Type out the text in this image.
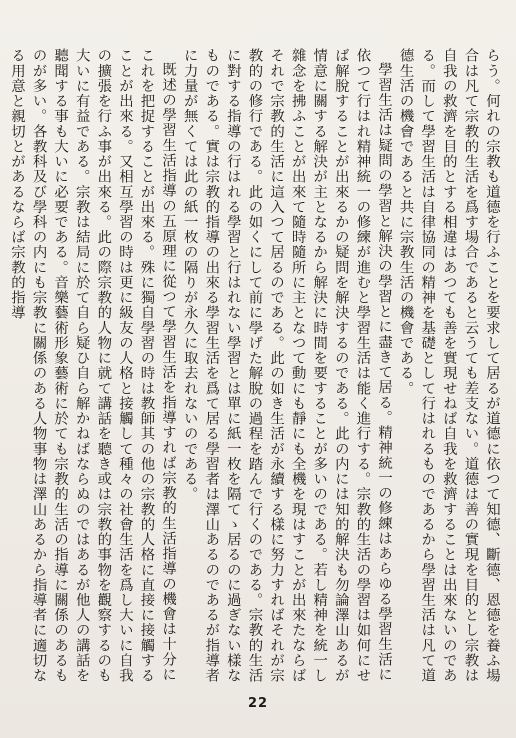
らう。何れの宗教も道德を行ふことを要求して居るが道德に依つて知德、斷德、恩德を養ふ場合は凡て宗教的生活を爲す場合であると云うても差支ない。道德は善の實現を目的とし宗教は自我の救濟を目的とする相違はあつても善を實現せねば自我を救濟することは出來ないのである。而して學習生活は自律協同の精神を基礎として行はれるものであるから學習生活は凡て道德生活の機會であると共に宗教生活の機會である。

學習生活は疑問の學習と解決の學習とに盡きて居る。精神統一の修練はあらゆる學習生活に依つて行はれ精神統一の修練が進むと學習生活は能く進行する。宗教的生活の學習は如何にせば解脫することが出來るかの疑問を解決するのである。此の内には知的解決も勿論澤山あるが情意に關する解決が主となるから解決に時間を要することが多いのである。若し精神を統一し雜念を拂ふことが出來て隨時隨所に主となつて動にも靜にも全機を現はすことが出來たならばそれで宗教的生活に這入つて居るのである。此の如き生活が永續する樣に努力すればそれが宗教的の修行である。此の如くにして前に學げた解脫の過程を踏んで行くのである。宗教的生活に對する指導の行はれる學習と行はれない學習とは單に紙一枚を隔てゝ居るのに過ぎない樣なものである。實は宗教的指導の出來る學習生活を爲て居る學習者は澤山あるのであるが指導者に力量が無くては此の紙一枚の隔りが永久に取去れないのである。

既述の學習生活指導の五原理に從つて學習生活を指導すれば宗教的生活指導の機會は十分にこれを把捉することが出來る。殊に獨自學習の時は教師其の他の宗教的人格に直接に接觸することが出來る。又相互學習の時は更に級友の人格と接觸して種々の社會生活を爲し大いに自我の擴張を行ふ事が出來る。此の際宗教的人物に就て講話を聽き或は宗教的事物を觀察するのも大いに有益である。宗教は結局に於て自ら疑ひ自ら解かねばならぬのではあるが他人の講話を聽聞する事も大いに必要である。音樂藝術形象藝術に於ても宗教的生活の指導に關係のあるものが多い。各教科及び學科の内にも宗教に關係のある人物事物は澤山あるから指導者に適切なる用意と親切とがあるならば宗教的指導

22
